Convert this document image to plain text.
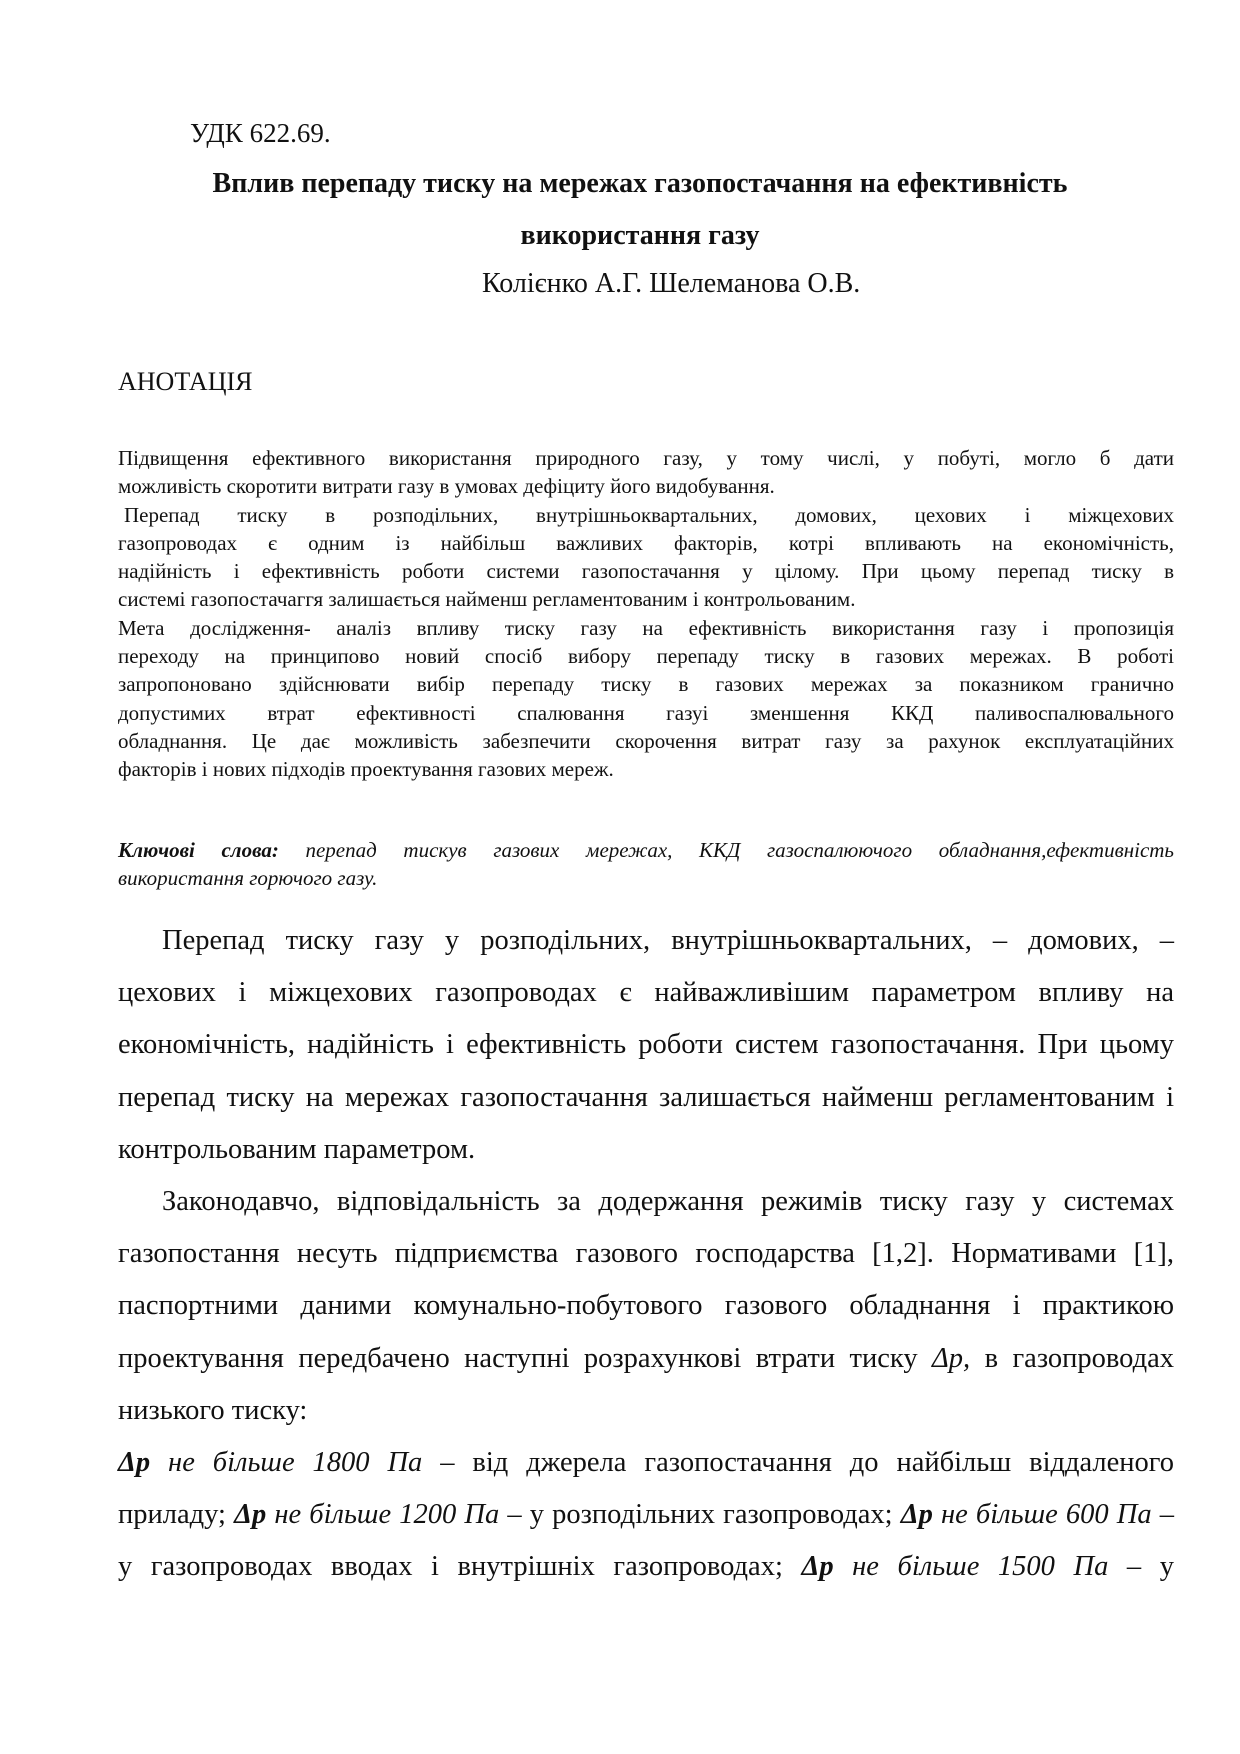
УДК 622.69.
Вплив перепаду тиску на мережах газопостачання на ефективність
використання газу
Колієнко А.Г. Шелеманова О.В.
АНОТАЦІЯ

Підвищення ефективного використання природного газу, у тому числі, у побуті, могло б дати

можливість скоротити витрати газу в умовах дефіциту його видобування.

Перепад тиску в розподільних, внутрішньоквартальних, домових, цехових і міжцехових

газопроводах є одним із найбільш важливих факторів, котрі впливають на економічність,

надійність і ефективність роботи системи газопостачання у цілому. При цьому перепад тиску в

системі газопостачаггя залишається найменш регламентованим і контрольованим.

Мета дослідження- аналіз впливу тиску газу на ефективність використання газу і пропозиція

переходу на принципово новий спосіб вибору перепаду тиску в газових мережах. В роботі

запропоновано здійснювати вибір перепаду тиску в газових мережах за показником гранично

допустимих втрат ефективності спалювання газуі зменшення ККД паливоспалювального

обладнання. Це дає можливість забезпечити скорочення витрат газу за рахунок експлуатаційних

факторів і нових підходів проектування газових мереж.

Ключові слова: перепад тискув газових мережах, ККД газоспалюючого обладнання,ефективність

використання горючого газу.

Перепад тиску газу у розподільних, внутрішньоквартальних, – домових, –

цехових і міжцехових газопроводах є найважливішим параметром впливу на

економічність, надійність і ефективність роботи систем газопостачання. При цьому

перепад тиску на мережах газопостачання залишається найменш регламентованим і

контрольованим параметром.

Законодавчо, відповідальність за додержання режимів тиску газу у системах

газопостання несуть підприємства газового господарства [1,2]. Нормативами [1],

паспортними даними комунально-побутового газового обладнання і практикою

проектування передбачено наступні розрахункові втрати тиску Δр, в газопроводах

низького тиску:

Δр не більше 1800 Па – від джерела газопостачання до найбільш віддаленого

приладу; Δр не більше 1200 Па – у розподільних газопроводах; Δр не більше 600 Па –

у газопроводах вводах і внутрішніх газопроводах; Δр не більше 1500 Па – у
